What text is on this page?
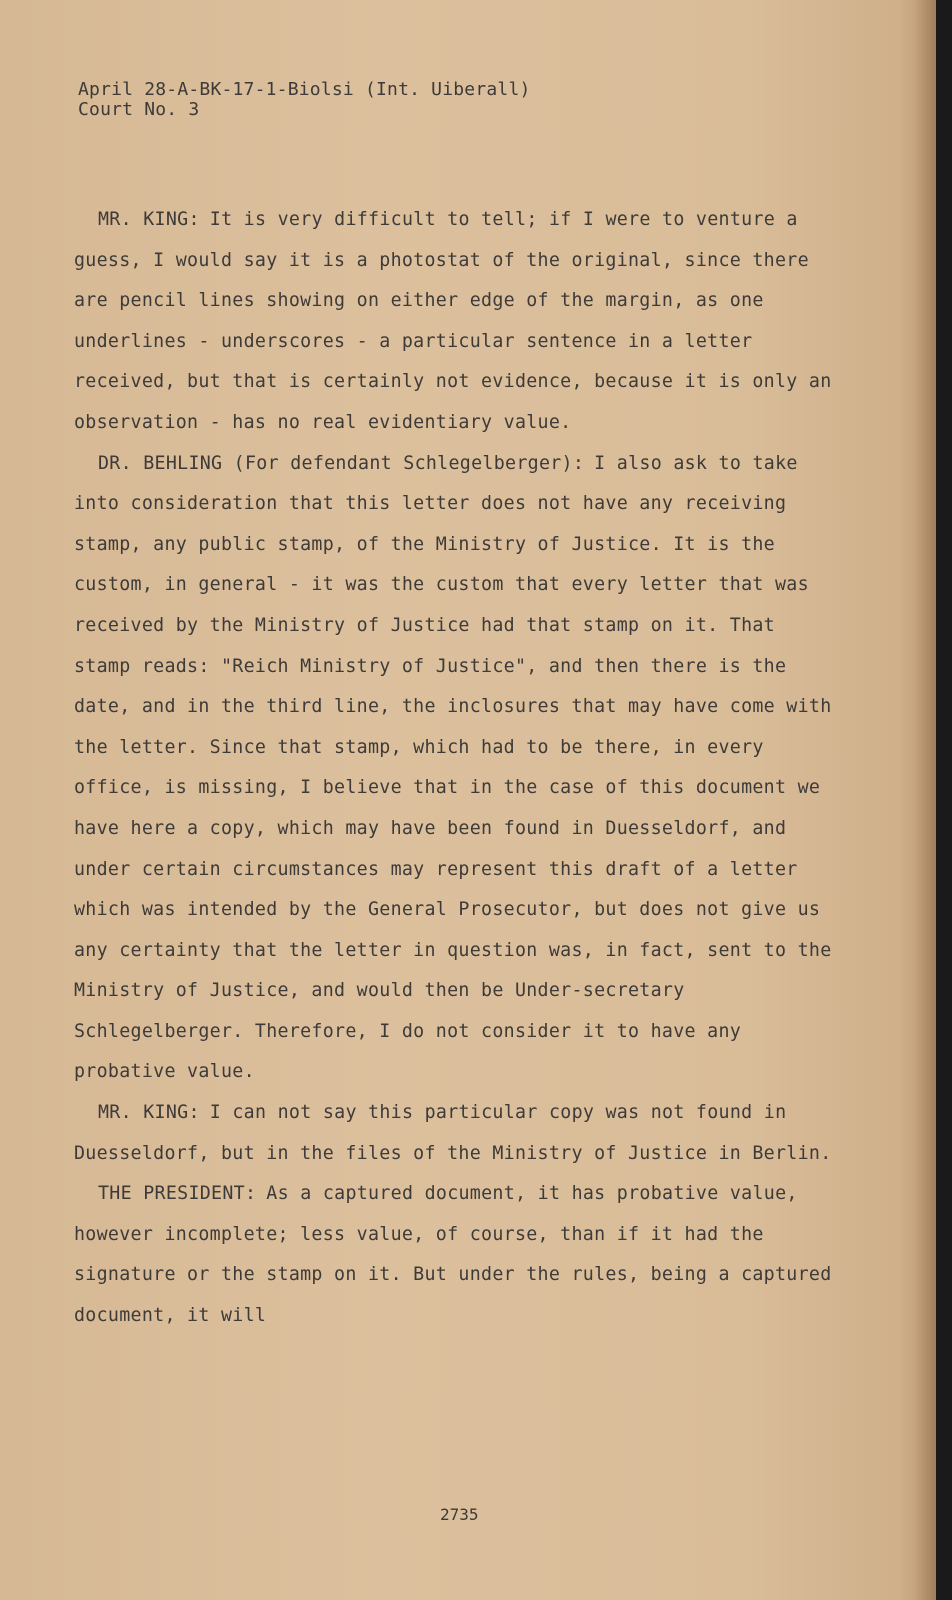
April 28-A-BK-17-1-Biolsi (Int. Uiberall)
Court No. 3

MR. KING: It is very difficult to tell; if I were to venture a guess, I would say it is a photostat of the original, since there are pencil lines showing on either edge of the margin, as one underlines - underscores - a particular sentence in a letter received, but that is certainly not evidence, because it is only an observation - has no real evidentiary value.

DR. BEHLING (For defendant Schlegelberger): I also ask to take into consideration that this letter does not have any receiving stamp, any public stamp, of the Ministry of Justice. It is the custom, in general - it was the custom that every letter that was received by the Ministry of Justice had that stamp on it. That stamp reads: "Reich Ministry of Justice", and then there is the date, and in the third line, the inclosures that may have come with the letter. Since that stamp, which had to be there, in every office, is missing, I believe that in the case of this document we have here a copy, which may have been found in Duesseldorf, and under certain circumstances may represent this draft of a letter which was intended by the General Prosecutor, but does not give us any certainty that the letter in question was, in fact, sent to the Ministry of Justice, and would then be Under-secretary Schlegelberger. Therefore, I do not consider it to have any probative value.

MR. KING: I can not say this particular copy was not found in Duesseldorf, but in the files of the Ministry of Justice in Berlin.

THE PRESIDENT: As a captured document, it has probative value, however incomplete; less value, of course, than if it had the signature or the stamp on it. But under the rules, being a captured document, it will

2735
